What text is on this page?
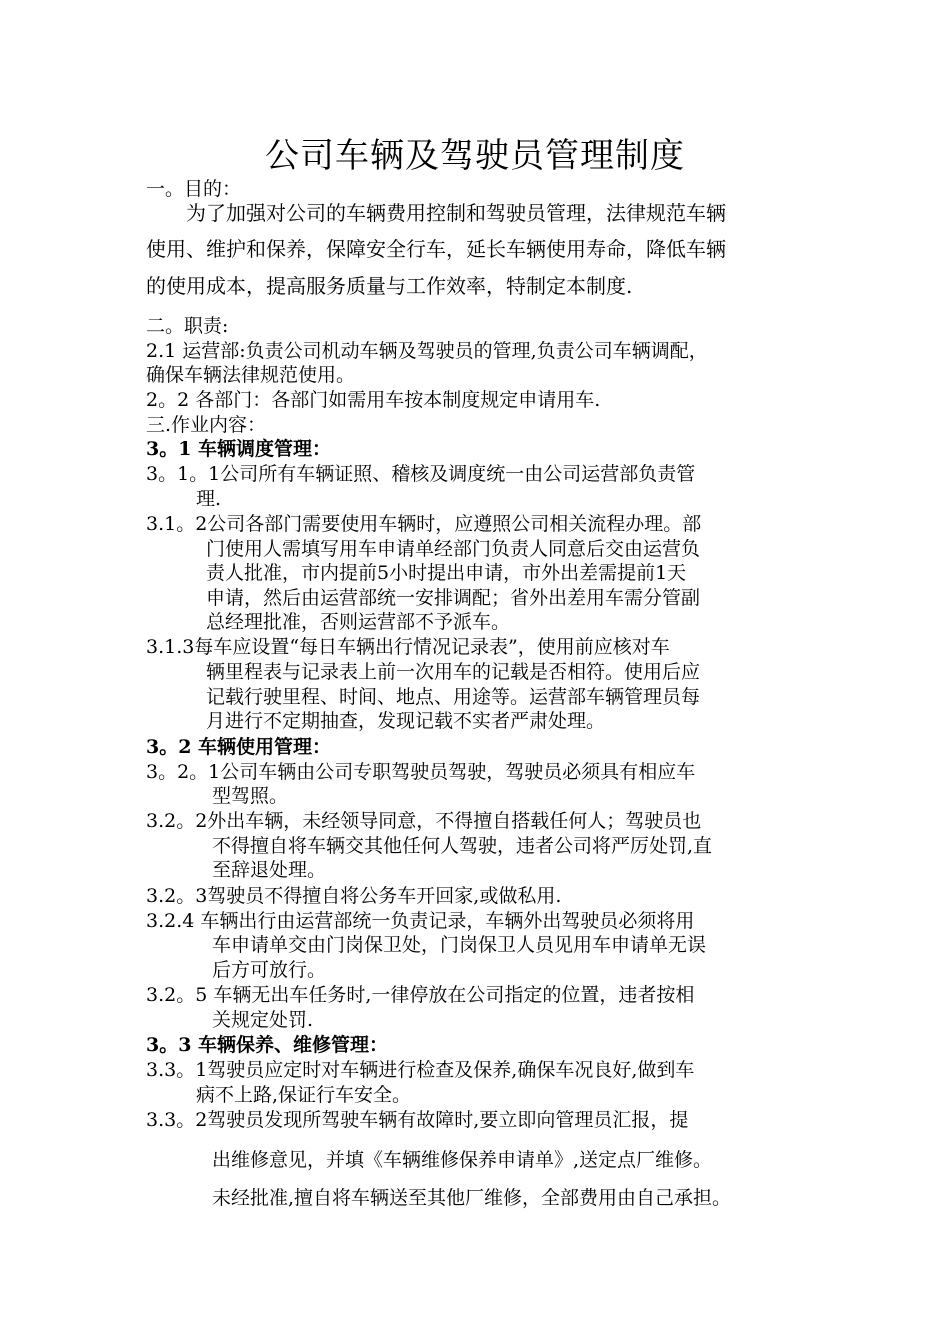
公司车辆及驾驶员管理制度
一。目的：
为了加强对公司的车辆费用控制和驾驶员管理，法律规范车辆
使用、维护和保养，保障安全行车，延长车辆使用寿命，降低车辆
的使用成本，提高服务质量与工作效率，特制定本制度.
二。职责:
2.1 运营部:负责公司机动车辆及驾驶员的管理,负责公司车辆调配，
确保车辆法律规范使用。
2。2 各部门：各部门如需用车按本制度规定申请用车.
三.作业内容：
3。1 车辆调度管理：
3。1。1公司所有车辆证照、稽核及调度统一由公司运营部负责管
理.
3.1。2公司各部门需要使用车辆时，应遵照公司相关流程办理。部
门使用人需填写用车申请单经部门负责人同意后交由运营负
责人批准，市内提前5小时提出申请，市外出差需提前1天
申请，然后由运营部统一安排调配；省外出差用车需分管副
总经理批准，否则运营部不予派车。
3.1.3每车应设置“每日车辆出行情况记录表”，使用前应核对车
辆里程表与记录表上前一次用车的记载是否相符。使用后应
记载行驶里程、时间、地点、用途等。运营部车辆管理员每
月进行不定期抽查，发现记载不实者严肃处理。
3。2 车辆使用管理：
3。2。1公司车辆由公司专职驾驶员驾驶，驾驶员必须具有相应车
型驾照。
3.2。2外出车辆，未经领导同意，不得擅自搭载任何人；驾驶员也
不得擅自将车辆交其他任何人驾驶，违者公司将严厉处罚,直
至辞退处理。
3.2。3驾驶员不得擅自将公务车开回家,或做私用.
3.2.4 车辆出行由运营部统一负责记录，车辆外出驾驶员必须将用
车申请单交由门岗保卫处，门岗保卫人员见用车申请单无误
后方可放行。
3.2。5 车辆无出车任务时,一律停放在公司指定的位置，违者按相
关规定处罚.
3。3 车辆保养、维修管理：
3.3。1驾驶员应定时对车辆进行检查及保养,确保车况良好,做到车
病不上路,保证行车安全。
3.3。2驾驶员发现所驾驶车辆有故障时,要立即向管理员汇报，提
出维修意见，并填《车辆维修保养申请单》,送定点厂维修。
未经批准,擅自将车辆送至其他厂维修，全部费用由自己承担。
